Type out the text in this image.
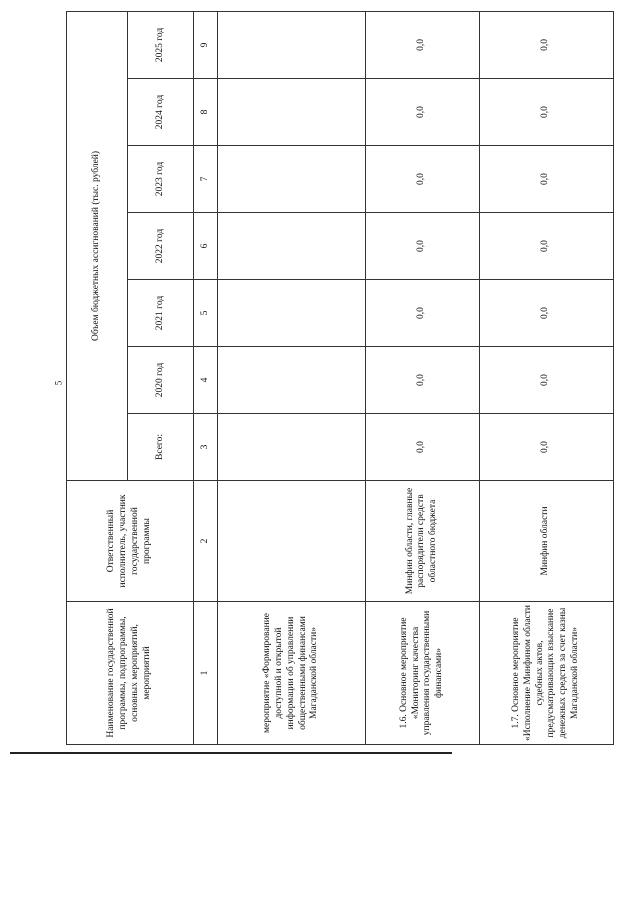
5
Наименование государственной программы, подпрограммы, основных мероприятий, мероприятий	Ответственный исполнитель, участник государственной программы	Объем бюджетных ассигнований (тыс. рублей)						
		Всего:	2020 год	2021 год	2022 год	2023 год	2024 год	2025 год
1	2	3	4	5	6	7	8	9
мероприятие «Формирование доступной и открытой информации об управлении общественными финансами Магаданской области»								
1.6. Основное мероприятие «Мониторинг качества управления государственными финансами»	Минфин области, главные распорядители средств областного бюджета	0,0	0,0	0,0	0,0	0,0	0,0	0,0
1.7. Основное мероприятие «Исполнение Минфином области судебных актов, предусматривающих взыскание денежных средств за счет казны Магаданской области»	Минфин области	0,0	0,0	0,0	0,0	0,0	0,0	0,0
